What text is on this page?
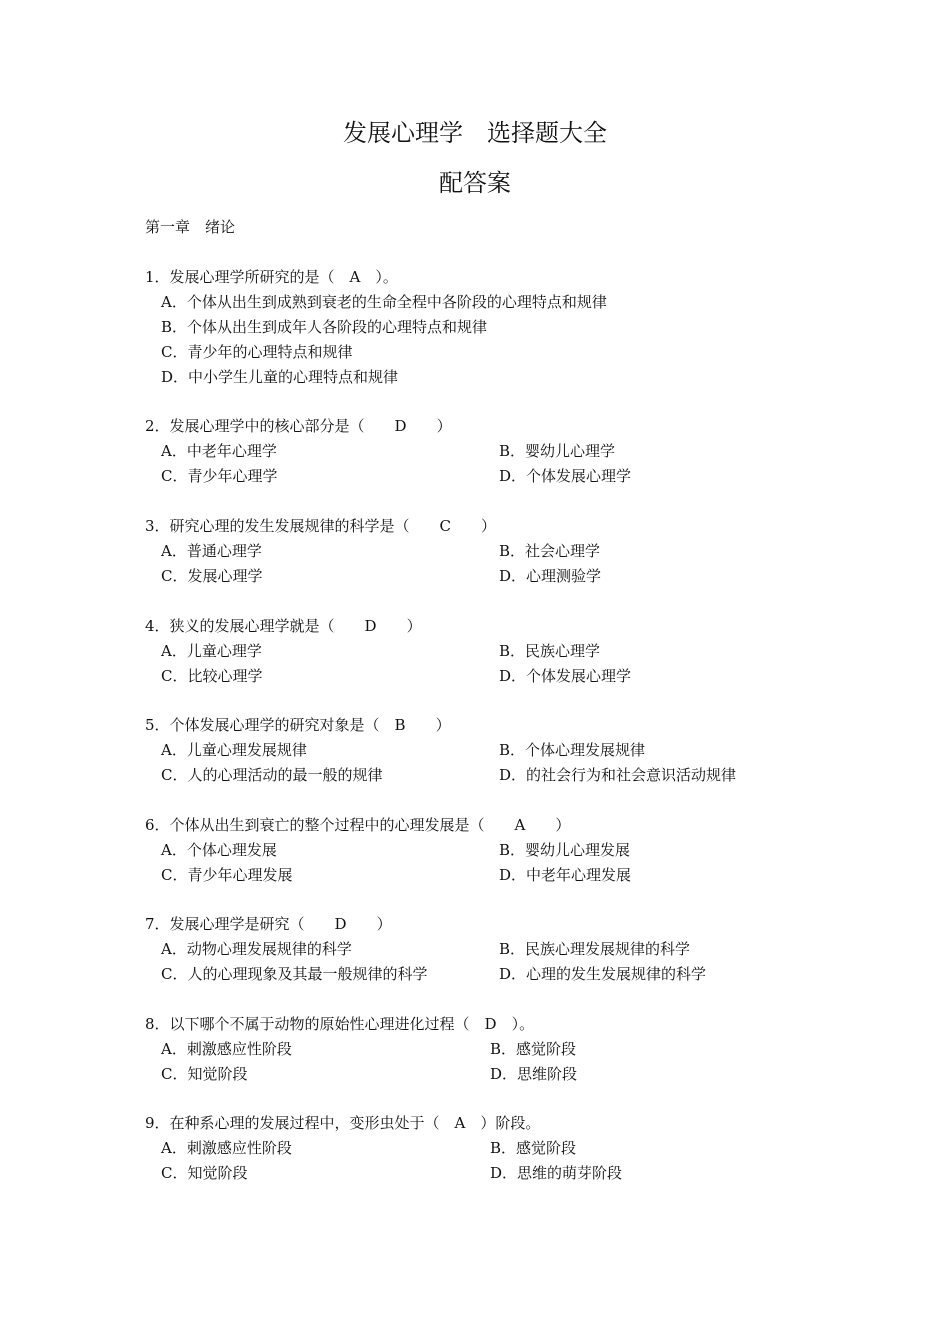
发展心理学　选择题大全
配答案
第一章　绪论
1．发展心理学所研究的是（　A　）。
A．个体从出生到成熟到衰老的生命全程中各阶段的心理特点和规律
B．个体从出生到成年人各阶段的心理特点和规律
C．青少年的心理特点和规律
D．中小学生儿童的心理特点和规律
2．发展心理学中的核心部分是（　　D　　）
A．中老年心理学	B．婴幼儿心理学
C．青少年心理学	D．个体发展心理学
3．研究心理的发生发展规律的科学是（　　C　　）
A．普通心理学	B．社会心理学
C．发展心理学	D．心理测验学
4．狭义的发展心理学就是（　　D　　）
A．儿童心理学	B．民族心理学
C．比较心理学	D．个体发展心理学
5．个体发展心理学的研究对象是（　B　　）
A．儿童心理发展规律	B．个体心理发展规律
C．人的心理活动的最一般的规律	D．的社会行为和社会意识活动规律
6．个体从出生到衰亡的整个过程中的心理发展是（　　A　　）
A．个体心理发展	B．婴幼儿心理发展
C．青少年心理发展	D．中老年心理发展
7．发展心理学是研究（　　D　　）
A．动物心理发展规律的科学	B．民族心理发展规律的科学
C．人的心理现象及其最一般规律的科学	D．心理的发生发展规律的科学
8．以下哪个不属于动物的原始性心理进化过程（　D　）。
A．刺激感应性阶段	B．感觉阶段
C．知觉阶段	D．思维阶段
9．在种系心理的发展过程中，变形虫处于（　A　）阶段。
A．刺激感应性阶段	B．感觉阶段
C．知觉阶段	D．思维的萌芽阶段
